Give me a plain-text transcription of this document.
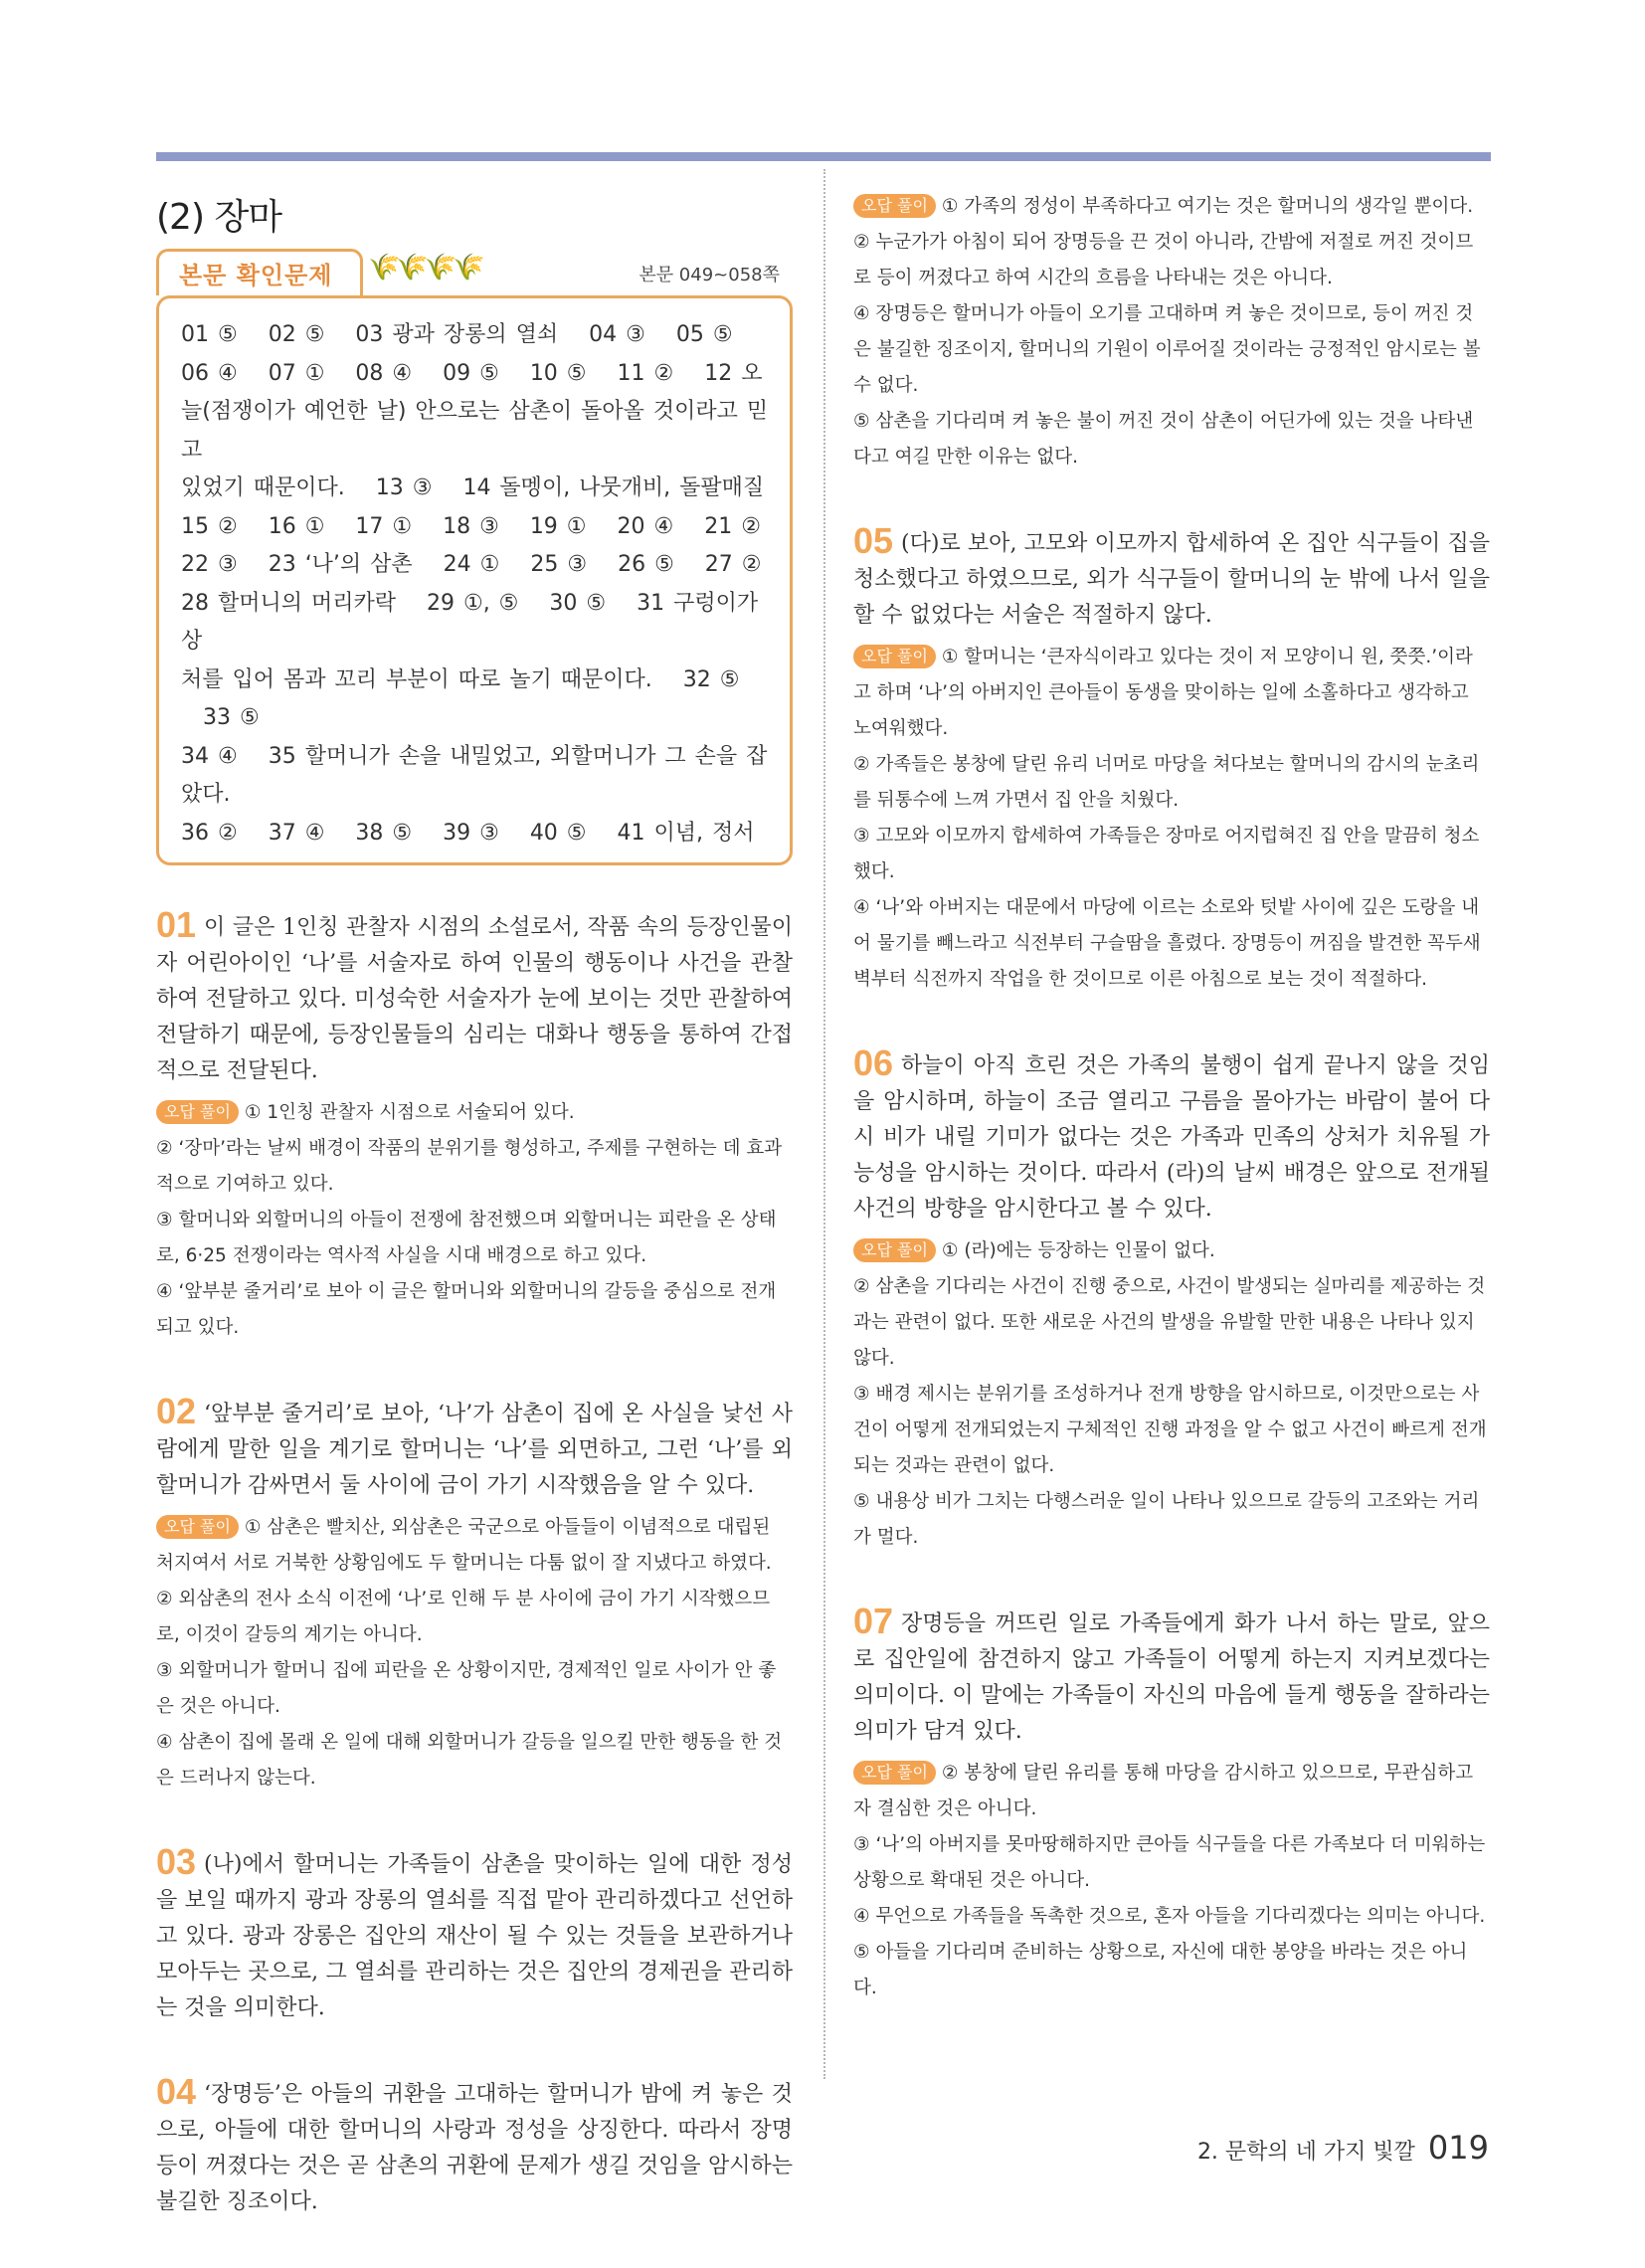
(2) 장마
본문 확인문제	🌾🌾🌾🌾	본문 049~058쪽
01 ⑤ 　02 ⑤ 　03 광과 장롱의 열쇠 　04 ③ 　05 ⑤
06 ④ 　07 ① 　08 ④ 　09 ⑤ 　10 ⑤ 　11 ② 　12 오
늘(점쟁이가 예언한 날) 안으로는 삼촌이 돌아올 것이라고 믿고
있었기 때문이다. 　13 ③ 　14 돌멩이, 나뭇개비, 돌팔매질
15 ② 　16 ① 　17 ① 　18 ③ 　19 ① 　20 ④ 　21 ②
22 ③ 　23 ‘나’의 삼촌 　24 ① 　25 ③ 　26 ⑤ 　27 ②
28 할머니의 머리카락 　29 ①, ⑤ 　30 ⑤ 　31 구렁이가 상
처를 입어 몸과 꼬리 부분이 따로 놀기 때문이다. 　32 ⑤ 　33 ⑤
34 ④ 　35 할머니가 손을 내밀었고, 외할머니가 그 손을 잡았다.
36 ② 　37 ④ 　38 ⑤ 　39 ③ 　40 ⑤ 　41 이념, 정서
01 이 글은 1인칭 관찰자 시점의 소설로서, 작품 속의 등장인물이자 어린아이인 ‘나’를 서술자로 하여 인물의 행동이나 사건을 관찰하여 전달하고 있다. 미성숙한 서술자가 눈에 보이는 것만 관찰하여 전달하기 때문에, 등장인물들의 심리는 대화나 행동을 통하여 간접적으로 전달된다.

오답 풀이 ① 1인칭 관찰자 시점으로 서술되어 있다.

② ‘장마’라는 날씨 배경이 작품의 분위기를 형성하고, 주제를 구현하는 데 효과적으로 기여하고 있다.

③ 할머니와 외할머니의 아들이 전쟁에 참전했으며 외할머니는 피란을 온 상태로, 6·25 전쟁이라는 역사적 사실을 시대 배경으로 하고 있다.

④ ‘앞부분 줄거리’로 보아 이 글은 할머니와 외할머니의 갈등을 중심으로 전개되고 있다.

02 ‘앞부분 줄거리’로 보아, ‘나’가 삼촌이 집에 온 사실을 낯선 사람에게 말한 일을 계기로 할머니는 ‘나’를 외면하고, 그런 ‘나’를 외할머니가 감싸면서 둘 사이에 금이 가기 시작했음을 알 수 있다.

오답 풀이 ① 삼촌은 빨치산, 외삼촌은 국군으로 아들들이 이념적으로 대립된 처지여서 서로 거북한 상황임에도 두 할머니는 다툼 없이 잘 지냈다고 하였다.

② 외삼촌의 전사 소식 이전에 ‘나’로 인해 두 분 사이에 금이 가기 시작했으므로, 이것이 갈등의 계기는 아니다.

③ 외할머니가 할머니 집에 피란을 온 상황이지만, 경제적인 일로 사이가 안 좋은 것은 아니다.

④ 삼촌이 집에 몰래 온 일에 대해 외할머니가 갈등을 일으킬 만한 행동을 한 것은 드러나지 않는다.

03 (나)에서 할머니는 가족들이 삼촌을 맞이하는 일에 대한 정성을 보일 때까지 광과 장롱의 열쇠를 직접 맡아 관리하겠다고 선언하고 있다. 광과 장롱은 집안의 재산이 될 수 있는 것들을 보관하거나 모아두는 곳으로, 그 열쇠를 관리하는 것은 집안의 경제권을 관리하는 것을 의미한다.
04 ‘장명등’은 아들의 귀환을 고대하는 할머니가 밤에 켜 놓은 것으로, 아들에 대한 할머니의 사랑과 정성을 상징한다. 따라서 장명등이 꺼졌다는 것은 곧 삼촌의 귀환에 문제가 생길 것임을 암시하는 불길한 징조이다.

오답 풀이 ① 가족의 정성이 부족하다고 여기는 것은 할머니의 생각일 뿐이다.

② 누군가가 아침이 되어 장명등을 끈 것이 아니라, 간밤에 저절로 꺼진 것이므로 등이 꺼졌다고 하여 시간의 흐름을 나타내는 것은 아니다.

④ 장명등은 할머니가 아들이 오기를 고대하며 켜 놓은 것이므로, 등이 꺼진 것은 불길한 징조이지, 할머니의 기원이 이루어질 것이라는 긍정적인 암시로는 볼 수 없다.

⑤ 삼촌을 기다리며 켜 놓은 불이 꺼진 것이 삼촌이 어딘가에 있는 것을 나타낸다고 여길 만한 이유는 없다.

05 (다)로 보아, 고모와 이모까지 합세하여 온 집안 식구들이 집을 청소했다고 하였으므로, 외가 식구들이 할머니의 눈 밖에 나서 일을 할 수 없었다는 서술은 적절하지 않다.

오답 풀이 ① 할머니는 ‘큰자식이라고 있다는 것이 저 모양이니 원, 쯧쯧.’이라고 하며 ‘나’의 아버지인 큰아들이 동생을 맞이하는 일에 소홀하다고 생각하고 노여워했다.

② 가족들은 봉창에 달린 유리 너머로 마당을 쳐다보는 할머니의 감시의 눈초리를 뒤통수에 느껴 가면서 집 안을 치웠다.

③ 고모와 이모까지 합세하여 가족들은 장마로 어지럽혀진 집 안을 말끔히 청소했다.

④ ‘나’와 아버지는 대문에서 마당에 이르는 소로와 텃밭 사이에 깊은 도랑을 내어 물기를 빼느라고 식전부터 구슬땀을 흘렸다. 장명등이 꺼짐을 발견한 꼭두새벽부터 식전까지 작업을 한 것이므로 이른 아침으로 보는 것이 적절하다.

06 하늘이 아직 흐린 것은 가족의 불행이 쉽게 끝나지 않을 것임을 암시하며, 하늘이 조금 열리고 구름을 몰아가는 바람이 불어 다시 비가 내릴 기미가 없다는 것은 가족과 민족의 상처가 치유될 가능성을 암시하는 것이다. 따라서 (라)의 날씨 배경은 앞으로 전개될 사건의 방향을 암시한다고 볼 수 있다.

오답 풀이 ① (라)에는 등장하는 인물이 없다.

② 삼촌을 기다리는 사건이 진행 중으로, 사건이 발생되는 실마리를 제공하는 것과는 관련이 없다. 또한 새로운 사건의 발생을 유발할 만한 내용은 나타나 있지 않다.

③ 배경 제시는 분위기를 조성하거나 전개 방향을 암시하므로, 이것만으로는 사건이 어떻게 전개되었는지 구체적인 진행 과정을 알 수 없고 사건이 빠르게 전개되는 것과는 관련이 없다.

⑤ 내용상 비가 그치는 다행스러운 일이 나타나 있으므로 갈등의 고조와는 거리가 멀다.

07 장명등을 꺼뜨린 일로 가족들에게 화가 나서 하는 말로, 앞으로 집안일에 참견하지 않고 가족들이 어떻게 하는지 지켜보겠다는 의미이다. 이 말에는 가족들이 자신의 마음에 들게 행동을 잘하라는 의미가 담겨 있다.

오답 풀이 ② 봉창에 달린 유리를 통해 마당을 감시하고 있으므로, 무관심하고자 결심한 것은 아니다.

③ ‘나’의 아버지를 못마땅해하지만 큰아들 식구들을 다른 가족보다 더 미워하는 상황으로 확대된 것은 아니다.

④ 무언으로 가족들을 독촉한 것으로, 혼자 아들을 기다리겠다는 의미는 아니다.

⑤ 아들을 기다리며 준비하는 상황으로, 자신에 대한 봉양을 바라는 것은 아니다.

2. 문학의 네 가지 빛깔 019
